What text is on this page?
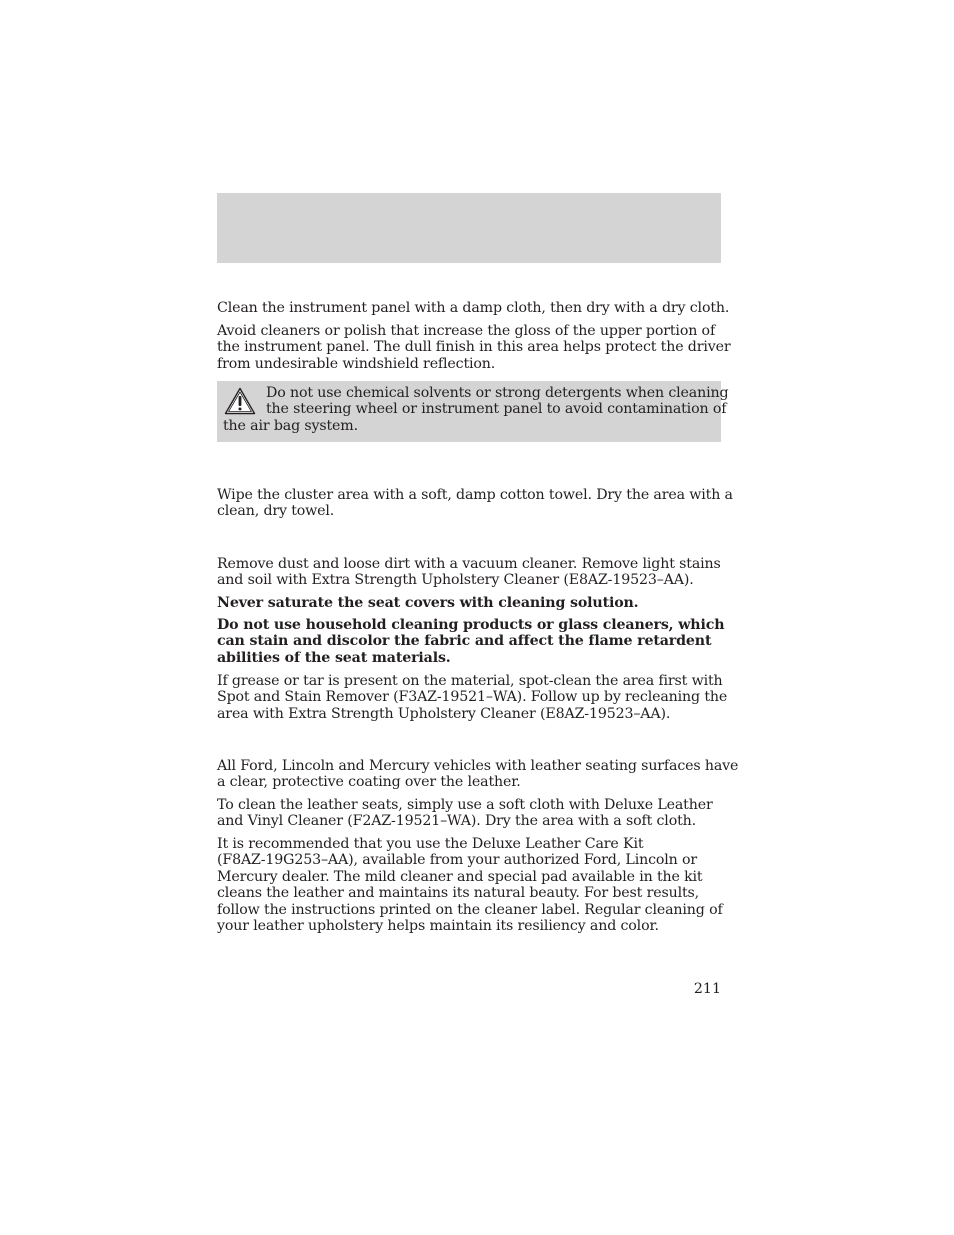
Clean the instrument panel with a damp cloth, then dry with a dry cloth.

Avoid cleaners or polish that increase the gloss of the upper portion of
the instrument panel. The dull finish in this area helps protect the driver
from undesirable windshield reflection.

Do not use chemical solvents or strong detergents when cleaning
the steering wheel or instrument panel to avoid contamination of
the air bag system.

Wipe the cluster area with a soft, damp cotton towel. Dry the area with a
clean, dry towel.

Remove dust and loose dirt with a vacuum cleaner. Remove light stains
and soil with Extra Strength Upholstery Cleaner (E8AZ-19523–AA).

Never saturate the seat covers with cleaning solution.

Do not use household cleaning products or glass cleaners, which
can stain and discolor the fabric and affect the flame retardent
abilities of the seat materials.

If grease or tar is present on the material, spot-clean the area first with
Spot and Stain Remover (F3AZ-19521–WA). Follow up by recleaning the
area with Extra Strength Upholstery Cleaner (E8AZ-19523–AA).

All Ford, Lincoln and Mercury vehicles with leather seating surfaces have
a clear, protective coating over the leather.

To clean the leather seats, simply use a soft cloth with Deluxe Leather
and Vinyl Cleaner (F2AZ-19521–WA). Dry the area with a soft cloth.

It is recommended that you use the Deluxe Leather Care Kit
(F8AZ-19G253–AA), available from your authorized Ford, Lincoln or
Mercury dealer. The mild cleaner and special pad available in the kit
cleans the leather and maintains its natural beauty. For best results,
follow the instructions printed on the cleaner label. Regular cleaning of
your leather upholstery helps maintain its resiliency and color.

211
